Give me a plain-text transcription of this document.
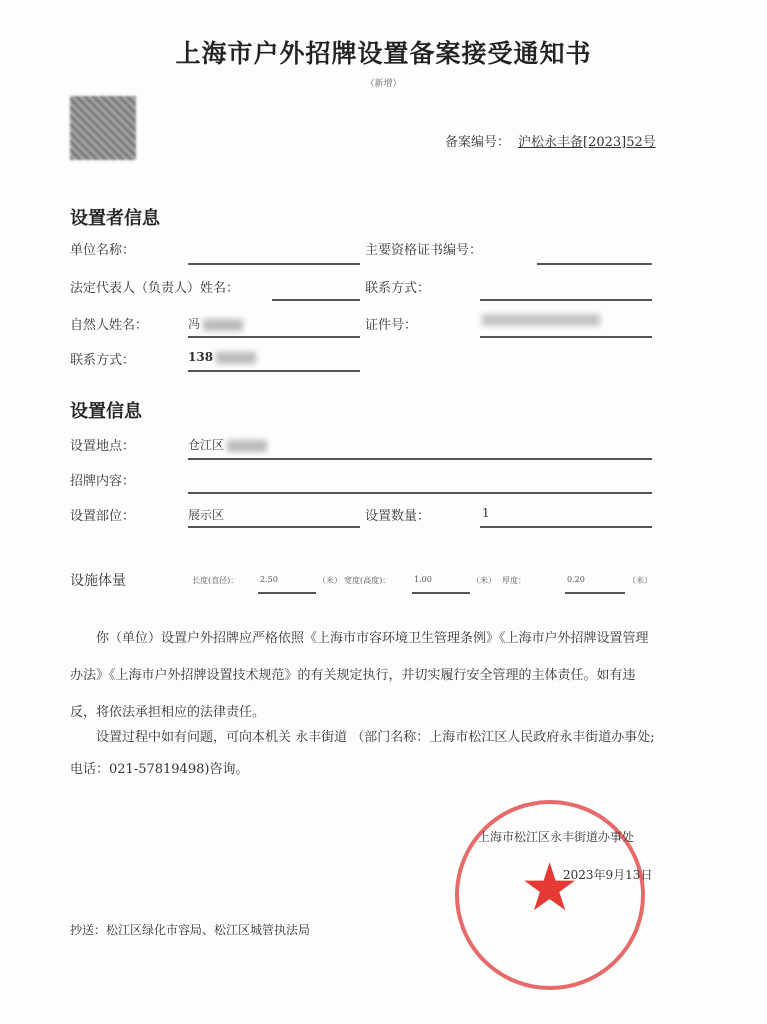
上海市户外招牌设置备案接受通知书
（新增）
备案编号： 沪松永丰备[2023]52号
设置者信息
单位名称：	主要资格证书编号：
法定代表人（负责人）姓名：	联系方式：
自然人姓名：	冯	证件号：
联系方式：	138
设置信息
设置地点：	仓江区
招牌内容：
设置部位：	展示区	设置数量：	1
设施体量	长度(直径)：	2.50	（米） 宽度(高度)：	1.00	（米） 厚度：	0.20	（米）
你（单位）设置户外招牌应严格依照《上海市市容环境卫生管理条例》《上海市户外招牌设置管理办法》《上海市户外招牌设置技术规范》的有关规定执行，并切实履行安全管理的主体责任。如有违反，将依法承担相应的法律责任。
设置过程中如有问题，可向本机关 永丰街道 （部门名称：上海市松江区人民政府永丰街道办事处;电话：021-57819498)咨询。
★
上海市松江区永丰街道办事处
2023年9月13日
抄送：松江区绿化市容局、松江区城管执法局
